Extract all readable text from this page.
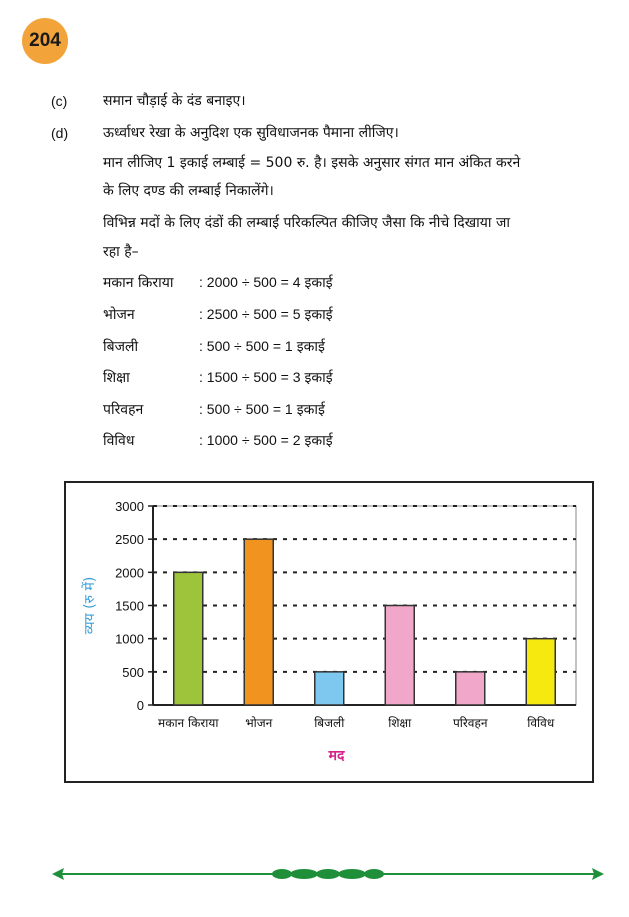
204
(c)	समान चौड़ाई के दंड बनाइए।
(d) ऊर्ध्वाधर रेखा के अनुदिश एक सुविधाजनक पैमाना लीजिए।
मान लीजिए 1 इकाई लम्बाई = 500 रु. है। इसके अनुसार संगत मान अंकित करने
के लिए दण्ड की लम्बाई निकालेंगे।
विभिन्न मदों के लिए दंडों की लम्बाई परिकल्पित कीजिए जैसा कि नीचे दिखाया जा
रहा है–
मकान किराया : 2000 ÷ 500 = 4 इकाई
भोजन	: 2500 ÷ 500 = 5 इकाई
बिजली	: 500 ÷ 500 = 1 इकाई
शिक्षा	: 1500 ÷ 500 = 3 इकाई
परिवहन	: 500 ÷ 500 = 1 इकाई
विविध	: 1000 ÷ 500 = 2 इकाई
0
500
1000
1500
2000
2500
3000
मकान किराया भोजन	बिजली	शिक्षा	परिवहन	विविध
मद
व्यय (रु में)
